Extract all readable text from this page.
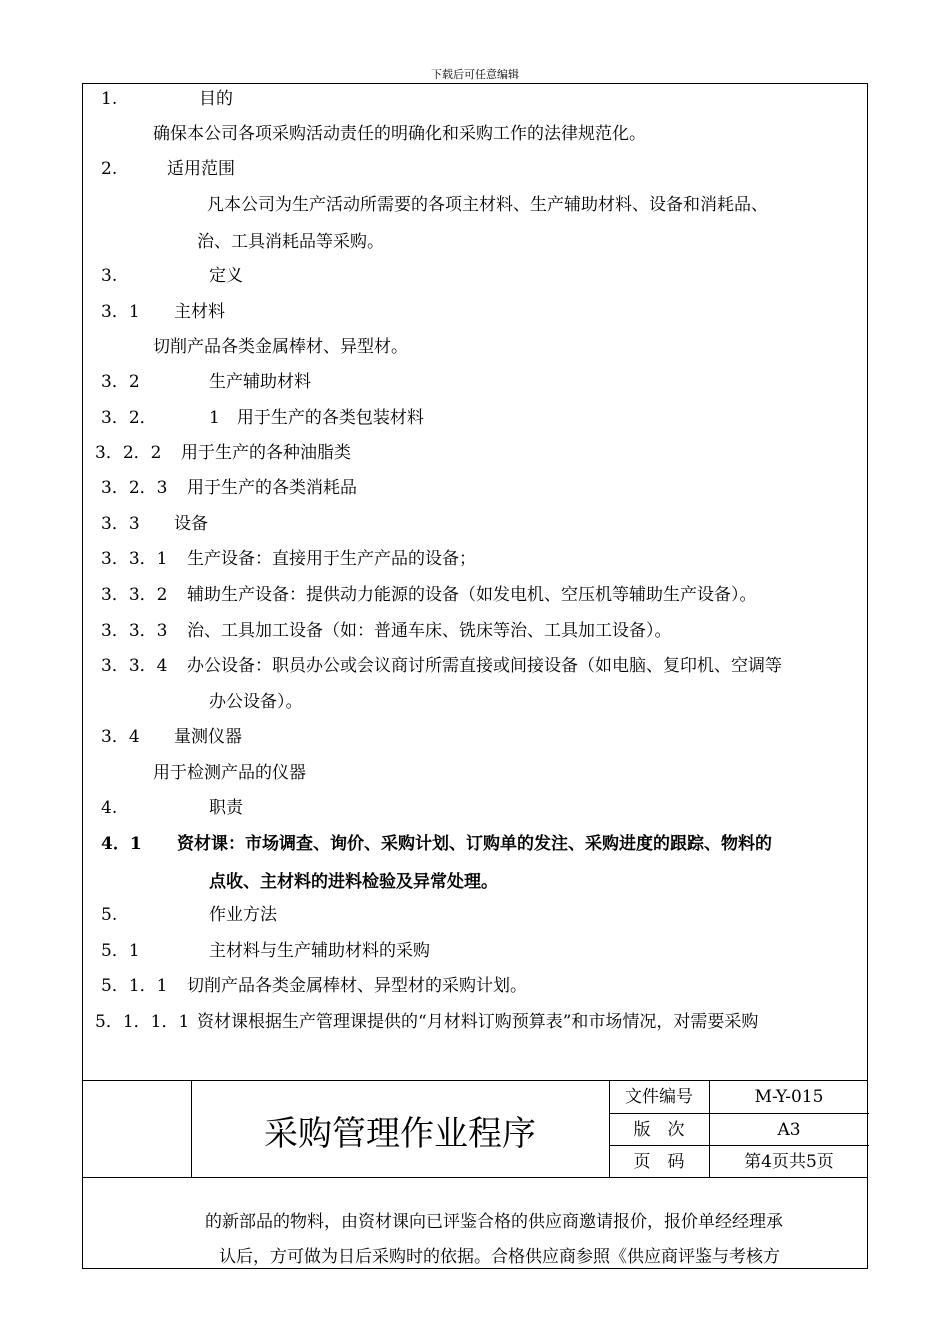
下载后可任意编辑
1.	目的
确保本公司各项采购活动责任的明确化和采购工作的法律规范化。
2.	适用范围
凡本公司为生产活动所需要的各项主材料、生产辅助材料、设备和消耗品、
治、工具消耗品等采购。
3.	定义
3．1 主材料
切削产品各类金属棒材、异型材。
3．2	生产辅助材料
3．2．	1　用于生产的各类包装材料
3．2．2 用于生产的各种油脂类
3．2．3 用于生产的各类消耗品
3．3 设备
3．3．1 生产设备：直接用于生产产品的设备；
3．3．2 辅助生产设备：提供动力能源的设备（如发电机、空压机等辅助生产设备）。
3．3．3 治、工具加工设备（如：普通车床、铣床等治、工具加工设备）。
3．3．4 办公设备：职员办公或会议商讨所需直接或间接设备（如电脑、复印机、空调等
办公设备）。
3．4 量测仪器
用于检测产品的仪器
4.	职责
4．1 资材课：市场调查、询价、采购计划、订购单的发注、采购进度的跟踪、物料的
点收、主材料的进料检验及异常处理。
5.	作业方法
5．1	主材料与生产辅助材料的采购
5．1．1 切削产品各类金属棒材、异型材的采购计划。
5．1．1．1 资材课根据生产管理课提供的“月材料订购预算表”和市场情况，对需要采购
采购管理作业程序
文件编号	M-Y-015
版　次	A3
页　码	第4页共5页
的新部品的物料，由资材课向已评鉴合格的供应商邀请报价，报价单经经理承
认后，方可做为日后采购时的依据。合格供应商参照《供应商评鉴与考核方
